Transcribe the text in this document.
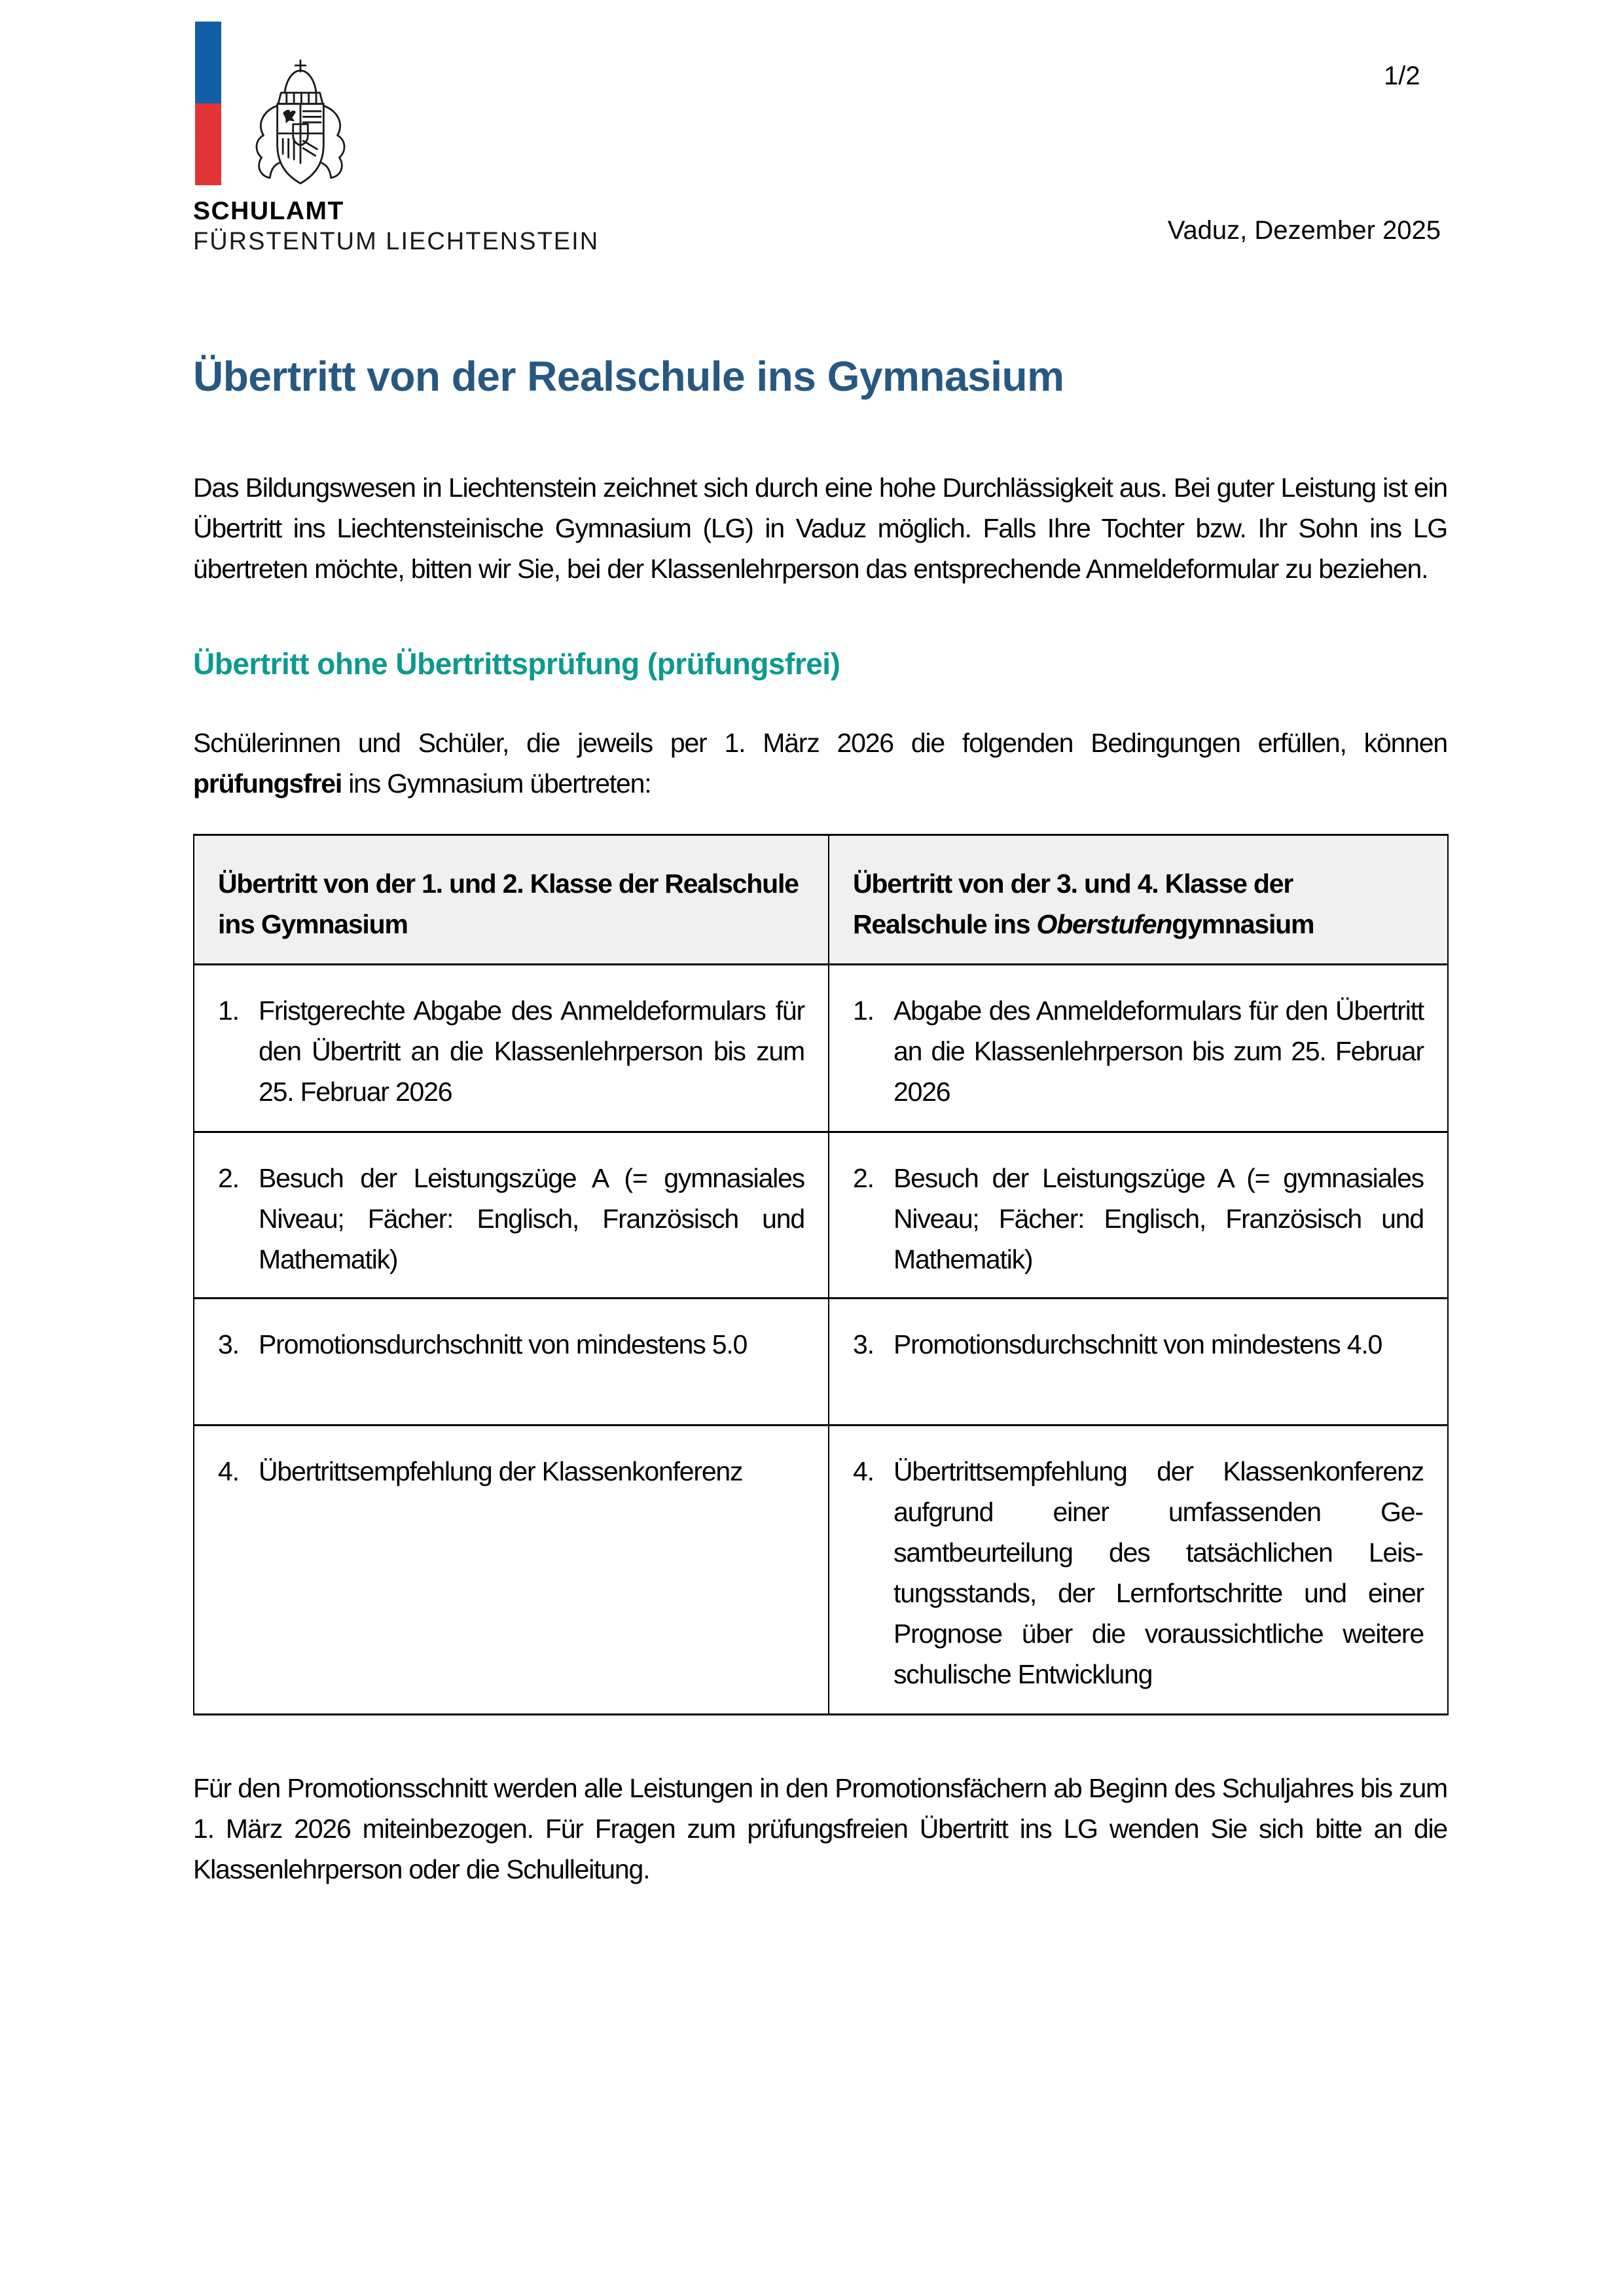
SCHULAMT
FÜRSTENTUM LIECHTENSTEIN
1/2
Vaduz, Dezember 2025
Übertritt von der Realschule ins Gymnasium

Das Bildungswesen in Liechtenstein zeichnet sich durch eine hohe Durchlässigkeit aus. Bei guter Leistung ist ein Übertritt ins Liechtensteinische Gymnasium (LG) in Vaduz möglich. Falls Ihre Tochter bzw. Ihr Sohn ins LG übertreten möchte, bitten wir Sie, bei der Klassenlehrperson das entsprechende Anmeldeformular zu beziehen.

Übertritt ohne Übertrittsprüfung (prüfungsfrei)

Schülerinnen und Schüler, die jeweils per 1. März 2026 die folgenden Bedingungen erfüllen, können prüfungsfrei ins Gymnasium übertreten:

Übertritt von der 1. und 2. Klasse der Realschule ins Gymnasium	Übertritt von der 3. und 4. Klasse der Realschule ins Oberstufengymnasium

1. Fristgerechte Abgabe des Anmeldeformulars für den Übertritt an die Klassenlehrperson bis zum 25. Februar 2026	1. Abgabe des Anmeldeformulars für den Übertritt an die Klassenlehrperson bis zum 25. Februar 2026

2. Besuch der Leistungszüge A (= gymnasiales Niveau; Fächer: Englisch, Französisch und Mathematik)	2. Besuch der Leistungszüge A (= gymnasiales Niveau; Fächer: Englisch, Französisch und Mathematik)

3. Promotionsdurchschnitt von mindestens 5.0	3. Promotionsdurchschnitt von mindestens 4.0

4. Übertrittsempfehlung der Klassenkonferenz	4. Übertrittsempfehlung der Klassenkonferenz aufgrund einer umfassenden Gesamtbeurteilung des tatsächlichen Leistungsstands, der Lernfortschritte und einer Prognose über die voraussichtliche weitere schulische Entwicklung

Für den Promotionsschnitt werden alle Leistungen in den Promotionsfächern ab Beginn des Schuljahres bis zum 1. März 2026 miteinbezogen. Für Fragen zum prüfungsfreien Übertritt ins LG wenden Sie sich bitte an die Klassenlehrperson oder die Schulleitung.
